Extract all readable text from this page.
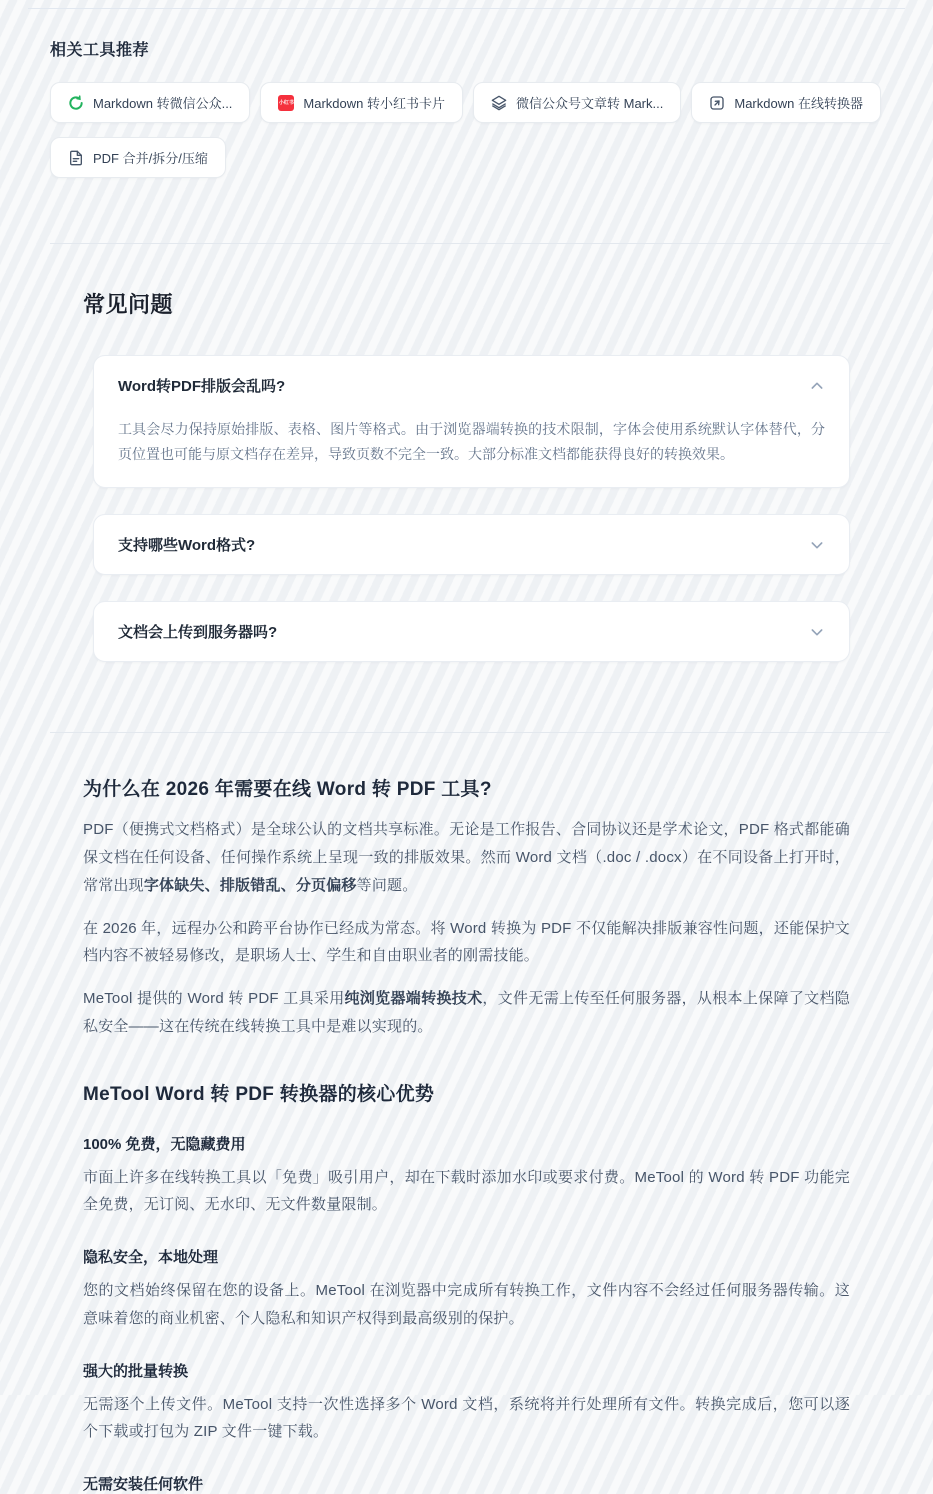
相关工具推荐
Markdown 转微信公众...	小红书 Markdown 转小红书卡片	微信公众号文章转 Mark...	Markdown 在线转换器
PDF 合并/拆分/压缩
常见问题
Word转PDF排版会乱吗?
工具会尽力保持原始排版、表格、图片等格式。由于浏览器端转换的技术限制，字体会使用系统默认字体替代，分页位置也可能与原文档存在差异，导致页数不完全一致。大部分标准文档都能获得良好的转换效果。
支持哪些Word格式?
文档会上传到服务器吗?
为什么在 2026 年需要在线 Word 转 PDF 工具?

PDF（便携式文档格式）是全球公认的文档共享标准。无论是工作报告、合同协议还是学术论文，PDF 格式都能确保文档在任何设备、任何操作系统上呈现一致的排版效果。然而 Word 文档（.doc / .docx）在不同设备上打开时，常常出现字体缺失、排版错乱、分页偏移等问题。

在 2026 年，远程办公和跨平台协作已经成为常态。将 Word 转换为 PDF 不仅能解决排版兼容性问题，还能保护文档内容不被轻易修改，是职场人士、学生和自由职业者的刚需技能。

MeTool 提供的 Word 转 PDF 工具采用纯浏览器端转换技术，文件无需上传至任何服务器，从根本上保障了文档隐私安全——这在传统在线转换工具中是难以实现的。

MeTool Word 转 PDF 转换器的核心优势
100% 免费，无隐藏费用

市面上许多在线转换工具以「免费」吸引用户，却在下载时添加水印或要求付费。MeTool 的 Word 转 PDF 功能完全免费，无订阅、无水印、无文件数量限制。

隐私安全，本地处理

您的文档始终保留在您的设备上。MeTool 在浏览器中完成所有转换工作，文件内容不会经过任何服务器传输。这意味着您的商业机密、个人隐私和知识产权得到最高级别的保护。

强大的批量转换

无需逐个上传文件。MeTool 支持一次性选择多个 Word 文档，系统将并行处理所有文件。转换完成后，您可以逐个下载或打包为 ZIP 文件一键下载。

无需安装任何软件
